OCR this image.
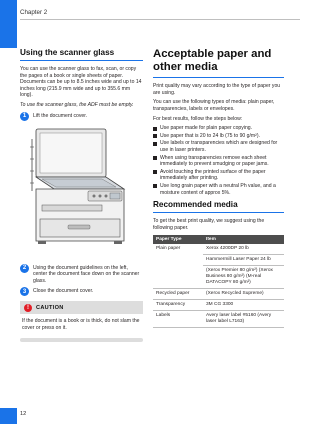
Chapter 2
Using the scanner glass

You can use the scanner glass to fax, scan, or copy the pages of a book or single sheets of paper. Documents can be up to 8.5 inches wide and up to 14 inches long (215.9 mm wide and up to 355.6 mm long).

To use the scanner glass, the ADF must be empty.

1	Lift the document cover.
2	Using the document guidelines on the left, center the document face down on the scanner glass.
3	Close the document cover.
!	CAUTION
If the document is a book or is thick, do not slam the cover or press on it.
Acceptable paper and other media

Print quality may vary according to the type of paper you are using.

You can use the following types of media: plain paper, transparencies, labels or envelopes.

For best results, follow the steps below:

Use paper made for plain paper copying.
Use paper that is 20 to 24 lb (75 to 90 g/m²).
Use labels or transparencies which are designed for use in laser printers.
When using transparencies remove each sheet immediately to prevent smudging or paper jams.
Avoid touching the printed surface of the paper immediately after printing.
Use long grain paper with a neutral Ph value, and a moisture content of approx 5%.
Recommended media

To get the best print quality, we suggest using the following paper.

Paper Type	Item
Plain paper	Xerox 4200DP 20 lb
	Hammermill Laser Paper 24 lb
	(Xerox Premier 80 g/m²) (Xerox Business 80 g/m²) (M-real DATACOPY 80 g/m²)
Recycled paper	(Xerox Recycled Supreme)
Transparency	3M CG 3300
Labels	Avery laser label #5160 (Avery laser label L7163)
12
